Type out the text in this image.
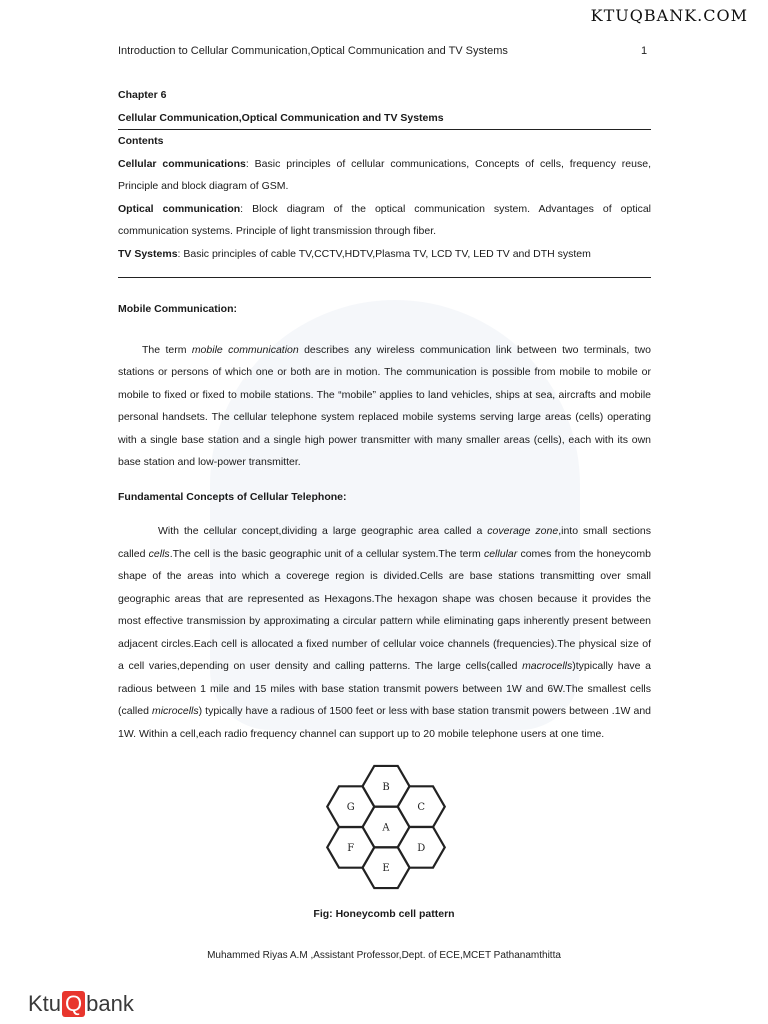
KTUQBANK.COM
Introduction to Cellular Communication,Optical Communication and TV Systems	1

Chapter 6

Cellular Communication,Optical Communication and TV Systems

Contents

Cellular communications: Basic principles of cellular communications, Concepts of cells, frequency reuse, Principle and block diagram of GSM.

Optical communication: Block diagram of the optical communication system. Advantages of optical communication systems. Principle of light transmission through fiber.

TV Systems: Basic principles of cable TV,CCTV,HDTV,Plasma TV, LCD TV, LED TV and DTH system

Mobile Communication:

The term mobile communication describes any wireless communication link between two terminals, two stations or persons of which one or both are in motion. The communication is possible from mobile to mobile or mobile to fixed or fixed to mobile stations. The “mobile” applies to land vehicles, ships at sea, aircrafts and mobile personal handsets. The cellular telephone system replaced mobile systems serving large areas (cells) operating with a single base station and a single high power transmitter with many smaller areas (cells), each with its own base station and low-power transmitter.

Fundamental Concepts of Cellular Telephone:

With the cellular concept,dividing a large geographic area called a coverage zone,into small sections called cells.The cell is the basic geographic unit of a cellular system.The term cellular comes from the honeycomb shape of the areas into which a coverege region is divided.Cells are base stations transmitting over small geographic areas that are represented as Hexagons.The hexagon shape was chosen because it provides the most effective transmission by approximating a circular pattern while eliminating gaps inherently present between adjacent circles.Each cell is allocated a fixed number of cellular voice channels (frequencies).The physical size of a cell varies,depending on user density and calling patterns. The large cells(called macrocells)typically have a radious between 1 mile and 15 miles with base station transmit powers between 1W and 6W.The smallest cells (called microcells) typically have a radious of 1500 feet or less with base station transmit powers between .1W and 1W. Within a cell,each radio frequency channel can support up to 20 mobile telephone users at one time.

A
B
C
D
E
F
G
Fig: Honeycomb cell pattern
Muhammed Riyas A.M ,Assistant Professor,Dept. of ECE,MCET Pathanamthitta
Ktu Q bank
